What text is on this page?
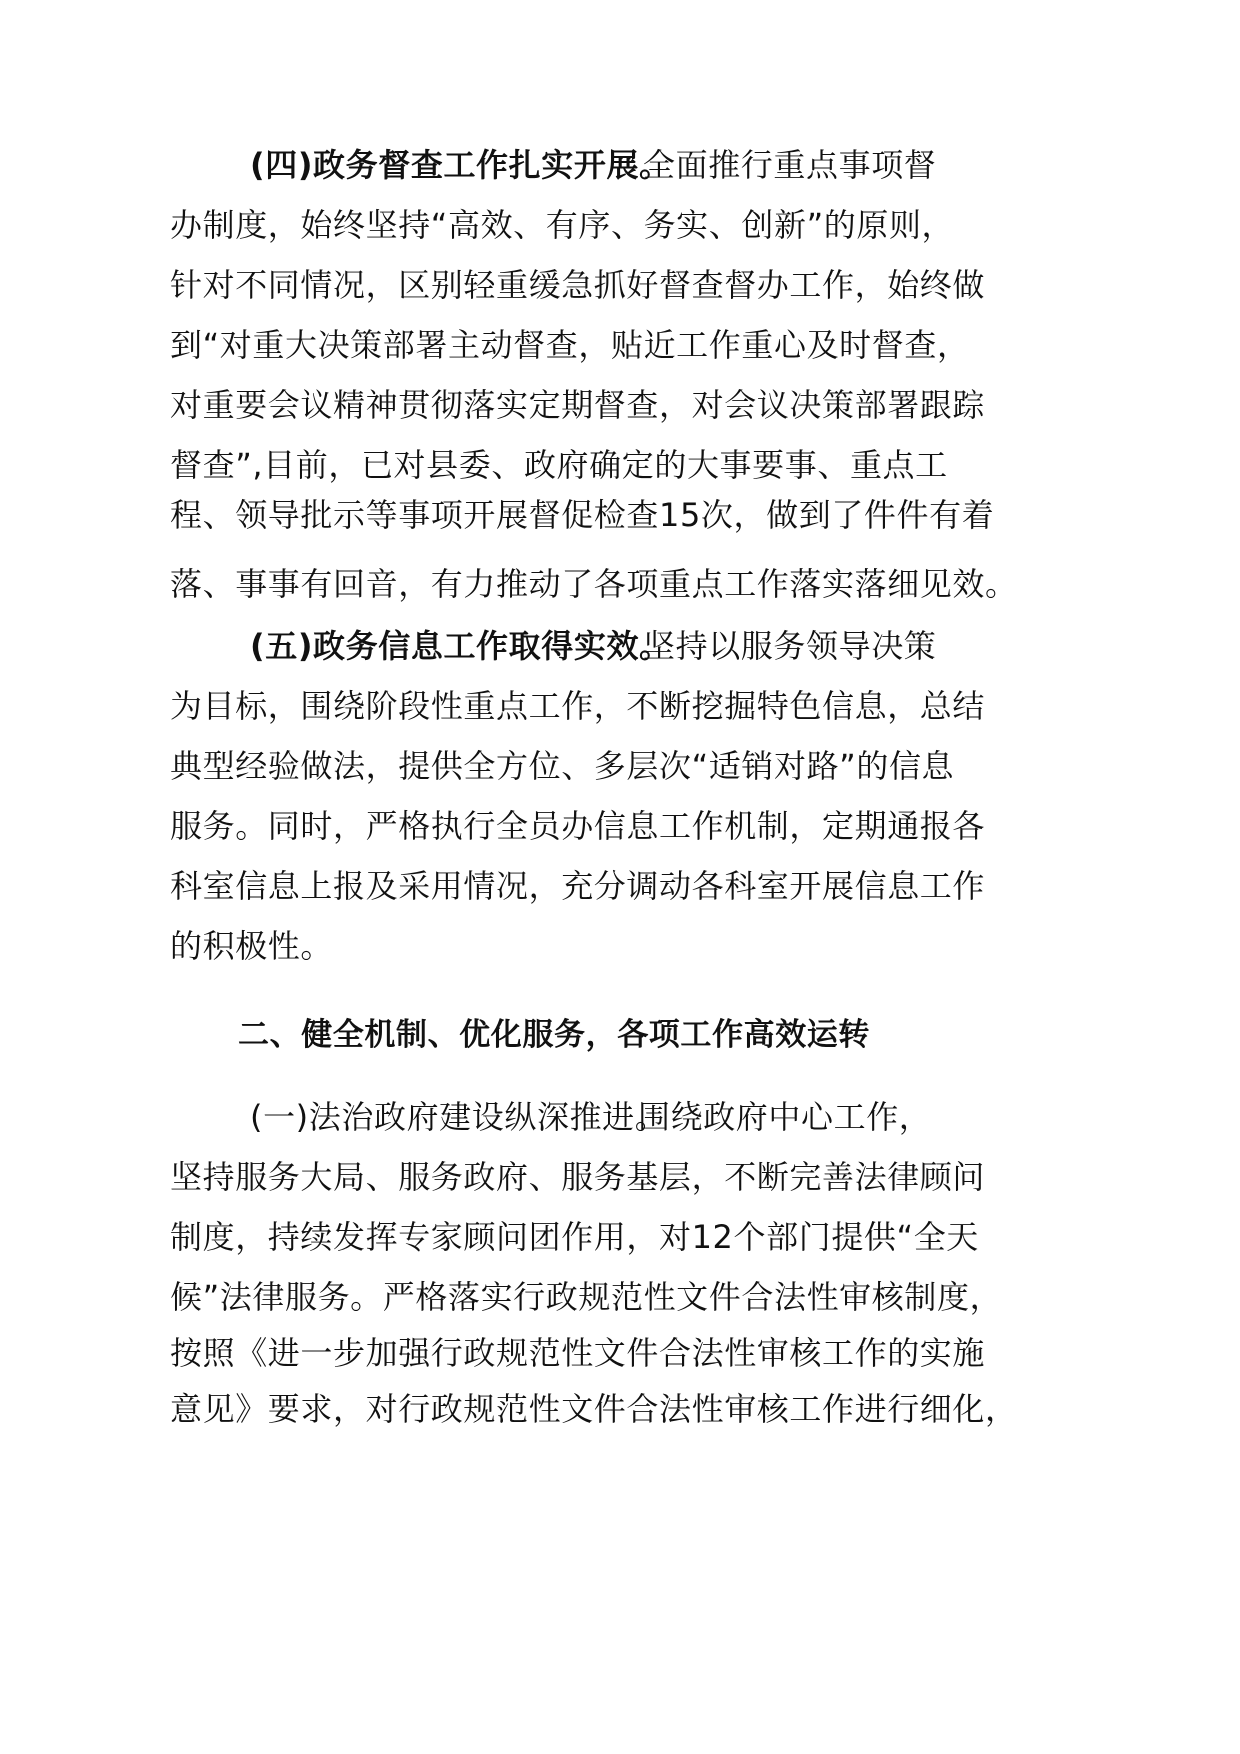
(四)政务督查工作扎实开展。
全面推行重点事项督
办制度，始终坚持“高效、有序、务实、创新”的原则，
针对不同情况，区别轻重缓急抓好督查督办工作，始终做
到“对重大决策部署主动督查，贴近工作重心及时督查，
对重要会议精神贯彻落实定期督查，对会议决策部署跟踪
督查”,目前，已对县委、政府确定的大事要事、重点工
程、领导批示等事项开展督促检查15次，做到了件件有着
落、事事有回音，有力推动了各项重点工作落实落细见效。
(五)政务信息工作取得实效。
坚持以服务领导决策
为目标，围绕阶段性重点工作，不断挖掘特色信息，总结
典型经验做法，提供全方位、多层次“适销对路”的信息
服务。同时，严格执行全员办信息工作机制，定期通报各
科室信息上报及采用情况，充分调动各科室开展信息工作
的积极性。
二、健全机制、优化服务，各项工作高效运转
(一)法治政府建设纵深推进。
围绕政府中心工作，
坚持服务大局、服务政府、服务基层，不断完善法律顾问
制度，持续发挥专家顾问团作用，对12个部门提供“全天
候”法律服务。严格落实行政规范性文件合法性审核制度，
按照《进一步加强行政规范性文件合法性审核工作的实施
意见》要求，对行政规范性文件合法性审核工作进行细化，
